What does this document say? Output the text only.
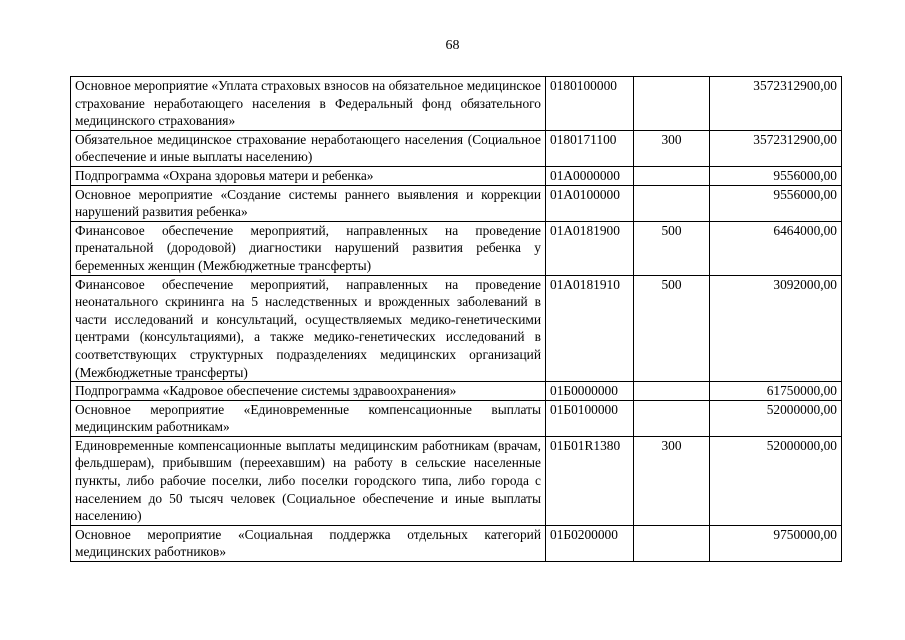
68
Основное мероприятие «Уплата страховых взносов на обязательное медицинское страхование неработающего населения в Федеральный фонд обязательного медицинского страхования»	0180100000		3572312900,00
Обязательное медицинское страхование неработающего населения (Социальное обеспечение и иные выплаты населению)	0180171100	300	3572312900,00
Подпрограмма «Охрана здоровья матери и ребенка»	01А0000000		9556000,00
Основное мероприятие «Создание системы раннего выявления и коррекции нарушений развития ребенка»	01А0100000		9556000,00
Финансовое обеспечение мероприятий, направленных на проведение пренатальной (дородовой) диагностики нарушений развития ребенка у беременных женщин (Межбюджетные трансферты)	01А0181900	500	6464000,00
Финансовое обеспечение мероприятий, направленных на проведение неонатального скрининга на 5 наследственных и врожденных заболеваний в части исследований и консультаций, осуществляемых медико-генетическими центрами (консультациями), а также медико-генетических исследований в соответствующих структурных подразделениях медицинских организаций (Межбюджетные трансферты)	01А0181910	500	3092000,00
Подпрограмма «Кадровое обеспечение системы здравоохранения»	01Б0000000		61750000,00
Основное мероприятие «Единовременные компенсационные выплаты медицинским работникам»	01Б0100000		52000000,00
Единовременные компенсационные выплаты медицинским работникам (врачам, фельдшерам), прибывшим (переехавшим) на работу в сельские населенные пункты, либо рабочие поселки, либо поселки городского типа, либо города с населением до 50 тысяч человек (Социальное обеспечение и иные выплаты населению)	01Б01R1380	300	52000000,00
Основное мероприятие «Социальная поддержка отдельных категорий медицинских работников»	01Б0200000		9750000,00
